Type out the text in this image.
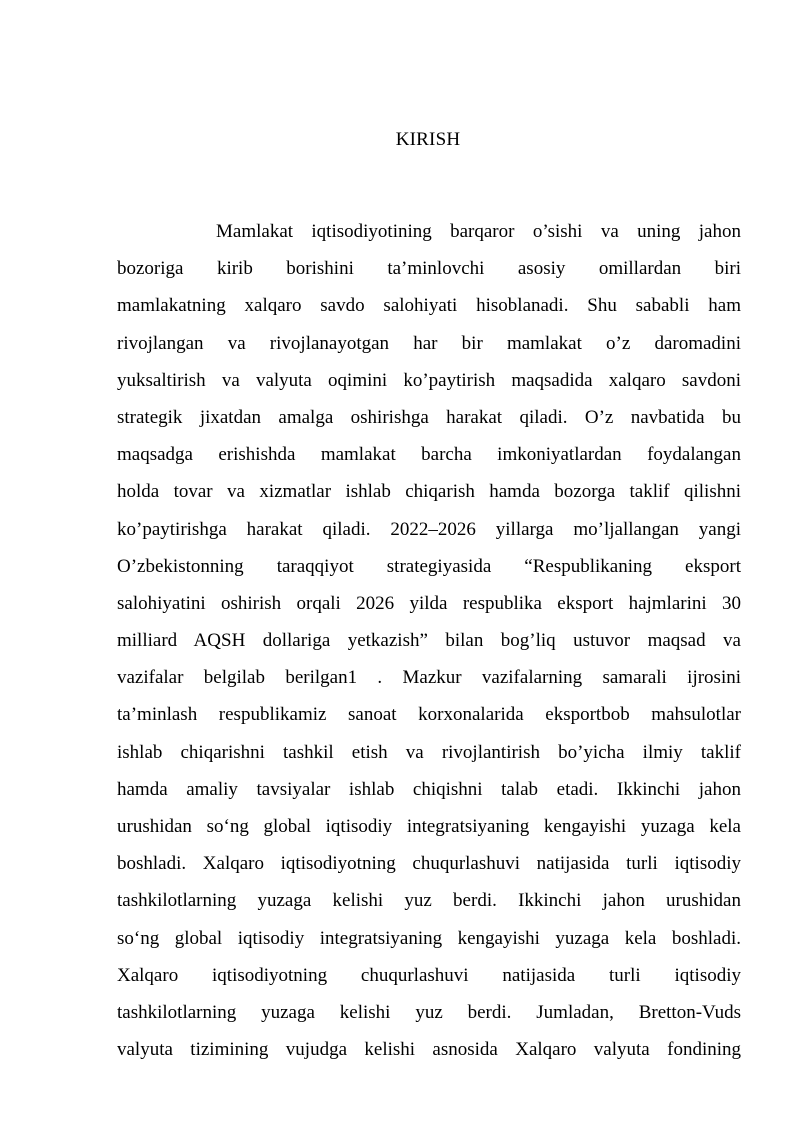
KIRISH
Mamlakat iqtisodiyotining barqaror o’sishi va uning jahon
bozoriga kirib borishini ta’minlovchi asosiy omillardan biri
mamlakatning xalqaro savdo salohiyati hisoblanadi. Shu sababli ham
rivojlangan va rivojlanayotgan har bir mamlakat o’z daromadini
yuksaltirish va valyuta oqimini ko’paytirish maqsadida xalqaro savdoni
strategik jixatdan amalga oshirishga harakat qiladi. O’z navbatida bu
maqsadga erishishda mamlakat barcha imkoniyatlardan foydalangan
holda tovar va xizmatlar ishlab chiqarish hamda bozorga taklif qilishni
ko’paytirishga harakat qiladi. 2022–2026 yillarga mo’ljallangan yangi
O’zbekistonning taraqqiyot strategiyasida “Respublikaning eksport
salohiyatini oshirish orqali 2026 yilda respublika eksport hajmlarini 30
milliard AQSH dollariga yetkazish” bilan bog’liq ustuvor maqsad va
vazifalar belgilab berilgan1 . Mazkur vazifalarning samarali ijrosini
ta’minlash respublikamiz sanoat korxonalarida eksportbob mahsulotlar
ishlab chiqarishni tashkil etish va rivojlantirish bo’yicha ilmiy taklif
hamda amaliy tavsiyalar ishlab chiqishni talab etadi. Ikkinchi jahon
urushidan so‘ng global iqtisodiy integratsiyaning kengayishi yuzaga kela
boshladi. Xalqaro iqtisodiyotning chuqurlashuvi natijasida turli iqtisodiy
tashkilotlarning yuzaga kelishi yuz berdi. Ikkinchi jahon urushidan
so‘ng global iqtisodiy integratsiyaning kengayishi yuzaga kela boshladi.
Xalqaro iqtisodiyotning chuqurlashuvi natijasida turli iqtisodiy
tashkilotlarning yuzaga kelishi yuz berdi. Jumladan, Bretton-Vuds
valyuta tizimining vujudga kelishi asnosida Xalqaro valyuta fondining
